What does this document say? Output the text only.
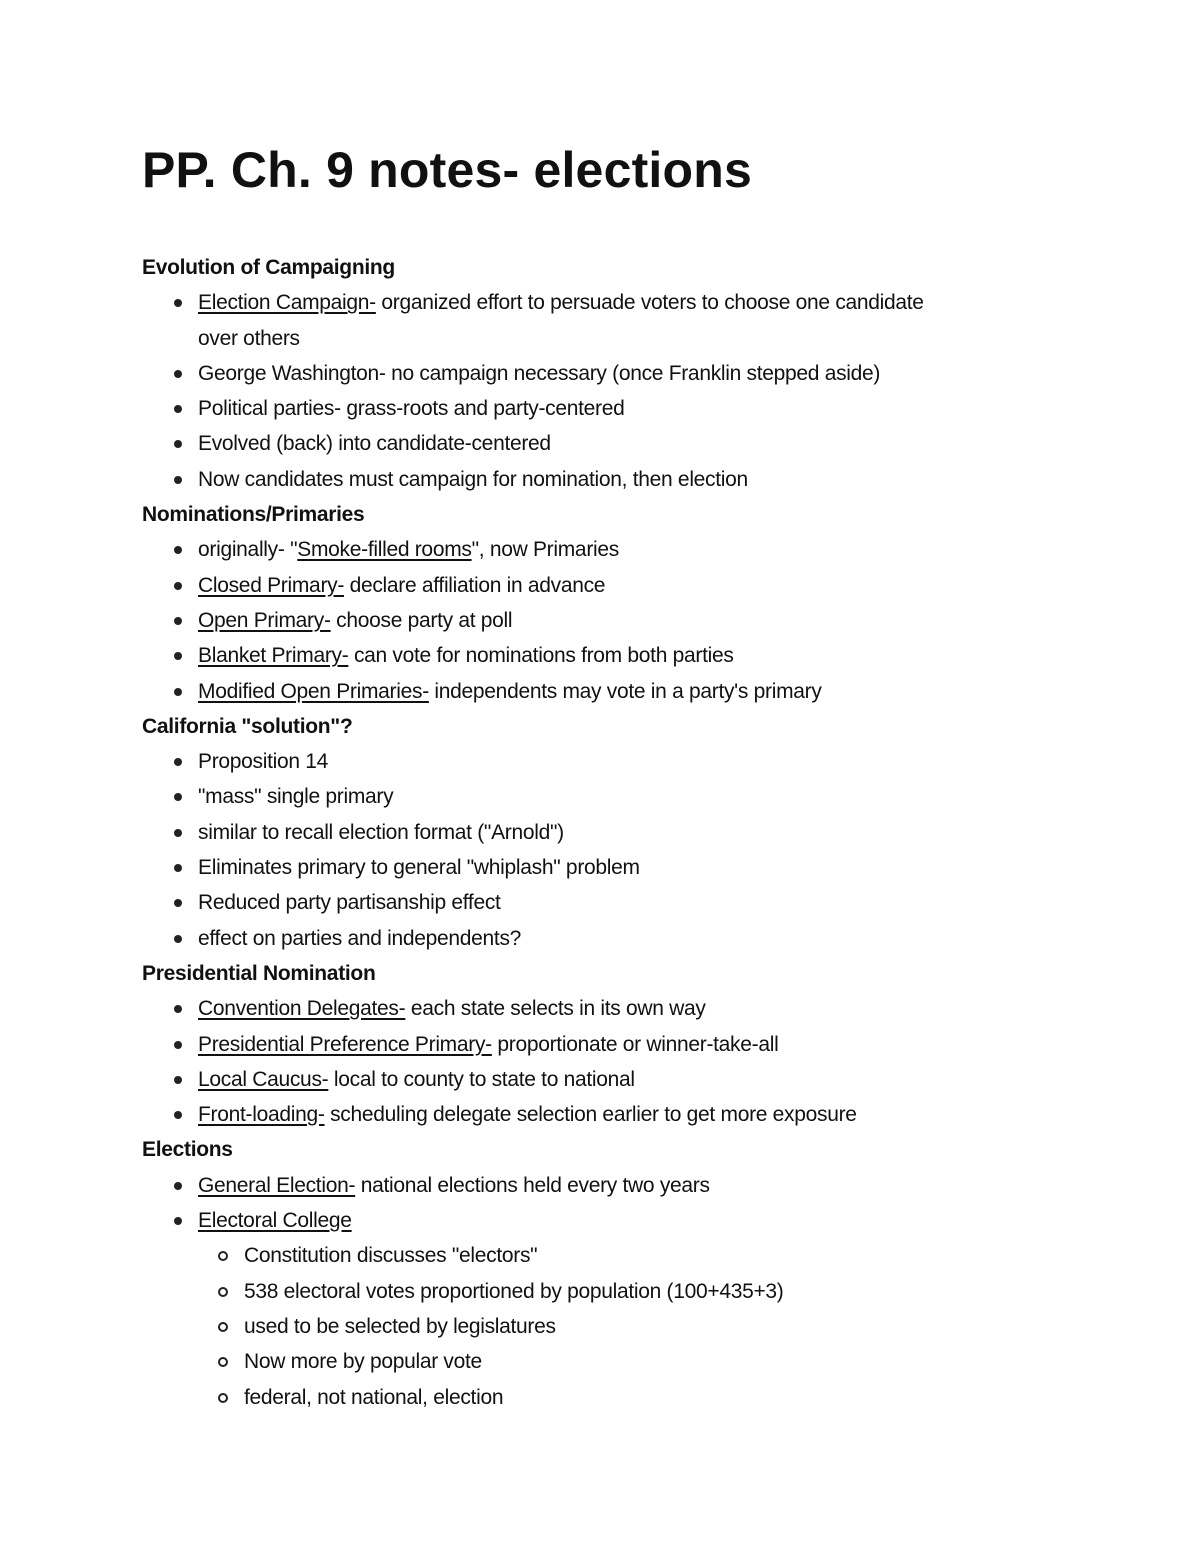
PP. Ch. 9 notes- elections
Evolution of Campaigning
Election Campaign- organized effort to persuade voters to choose one candidate over others
George Washington- no campaign necessary (once Franklin stepped aside)
Political parties- grass-roots and party-centered
Evolved (back) into candidate-centered
Now candidates must campaign for nomination, then election
Nominations/Primaries
originally- "Smoke-filled rooms", now Primaries
Closed Primary- declare affiliation in advance
Open Primary- choose party at poll
Blanket Primary- can vote for nominations from both parties
Modified Open Primaries- independents may vote in a party's primary
California "solution"?
Proposition 14
"mass" single primary
similar to recall election format ("Arnold")
Eliminates primary to general "whiplash" problem
Reduced party partisanship effect
effect on parties and independents?
Presidential Nomination
Convention Delegates- each state selects in its own way
Presidential Preference Primary- proportionate or winner-take-all
Local Caucus- local to county to state to national
Front-loading- scheduling delegate selection earlier to get more exposure
Elections
General Election- national elections held every two years
Electoral College
Constitution discusses "electors"
538 electoral votes proportioned by population (100+435+3)
used to be selected by legislatures
Now more by popular vote
federal, not national, election
